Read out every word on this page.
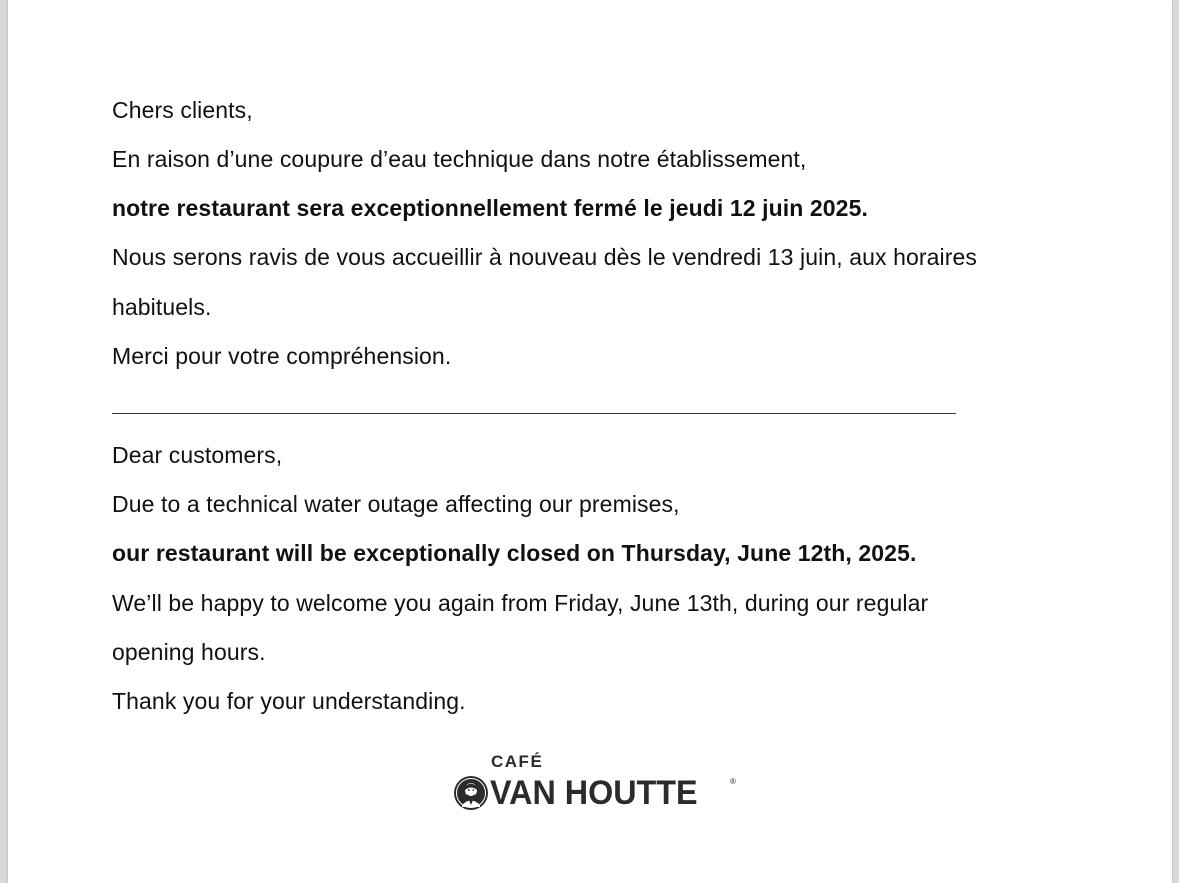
Chers clients,

En raison d’une coupure d’eau technique dans notre établissement,

notre restaurant sera exceptionnellement fermé le jeudi 12 juin 2025.

Nous serons ravis de vous accueillir à nouveau dès le vendredi 13 juin, aux horaires

habituels.

Merci pour votre compréhension.

Dear customers,

Due to a technical water outage affecting our premises,

our restaurant will be exceptionally closed on Thursday, June 12th, 2025.

We’ll be happy to welcome you again from Friday, June 13th, during our regular

opening hours.

Thank you for your understanding.

CAFÉ
VAN HOUTTE	®
